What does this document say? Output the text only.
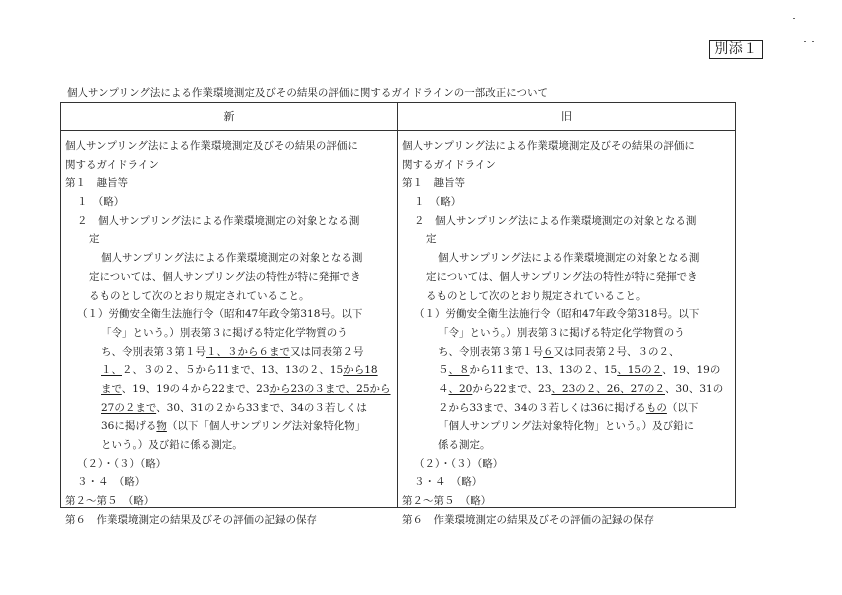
別添１
個人サンプリング法による作業環境測定及びその結果の評価に関するガイドラインの一部改正について
新	旧
個人サンプリング法による作業環境測定及びその結果の評価に
関するガイドライン
第１　趣旨等
１　（略）
２　個人サンプリング法による作業環境測定の対象となる測
定
個人サンプリング法による作業環境測定の対象となる測
定については、個人サンプリング法の特性が特に発揮でき
るものとして次のとおり規定されていること。
（１）労働安全衛生法施行令（昭和47年政令第318号。以下
「令」という。）別表第３に掲げる特定化学物質のう
ち、令別表第３第１号１、３から６まで又は同表第２号
１、２、３の２、５から11まで、13、13の２、15から18
まで、19、19の４から22まで、23から23の３まで、25から
27の２まで、30、31の２から33まで、34の３若しくは
36に掲げる物（以下「個人サンプリング法対象特化物」
という。）及び鉛に係る測定。
（２）・（３）（略）
３・４　（略）
第２～第５　（略）
第６　作業環境測定の結果及びその評価の記録の保存
個人サンプリング法による作業環境測定及びその結果の評価に
関するガイドライン
第１　趣旨等
１　（略）
２　個人サンプリング法による作業環境測定の対象となる測
定
個人サンプリング法による作業環境測定の対象となる測
定については、個人サンプリング法の特性が特に発揮でき
るものとして次のとおり規定されていること。
（１）労働安全衛生法施行令（昭和47年政令第318号。以下
「令」という。）別表第３に掲げる特定化学物質のう
ち、令別表第３第１号６又は同表第２号、３の２、
５、８から11まで、13、13の２、15、15の２、19、19の
４、20から22まで、23、23の２、26、27の２、30、31の
２から33まで、34の３若しくは36に掲げるもの（以下
「個人サンプリング法対象特化物」という。）及び鉛に
係る測定。
（２）・（３）（略）
３・４　（略）
第２～第５　（略）
第６　作業環境測定の結果及びその評価の記録の保存
